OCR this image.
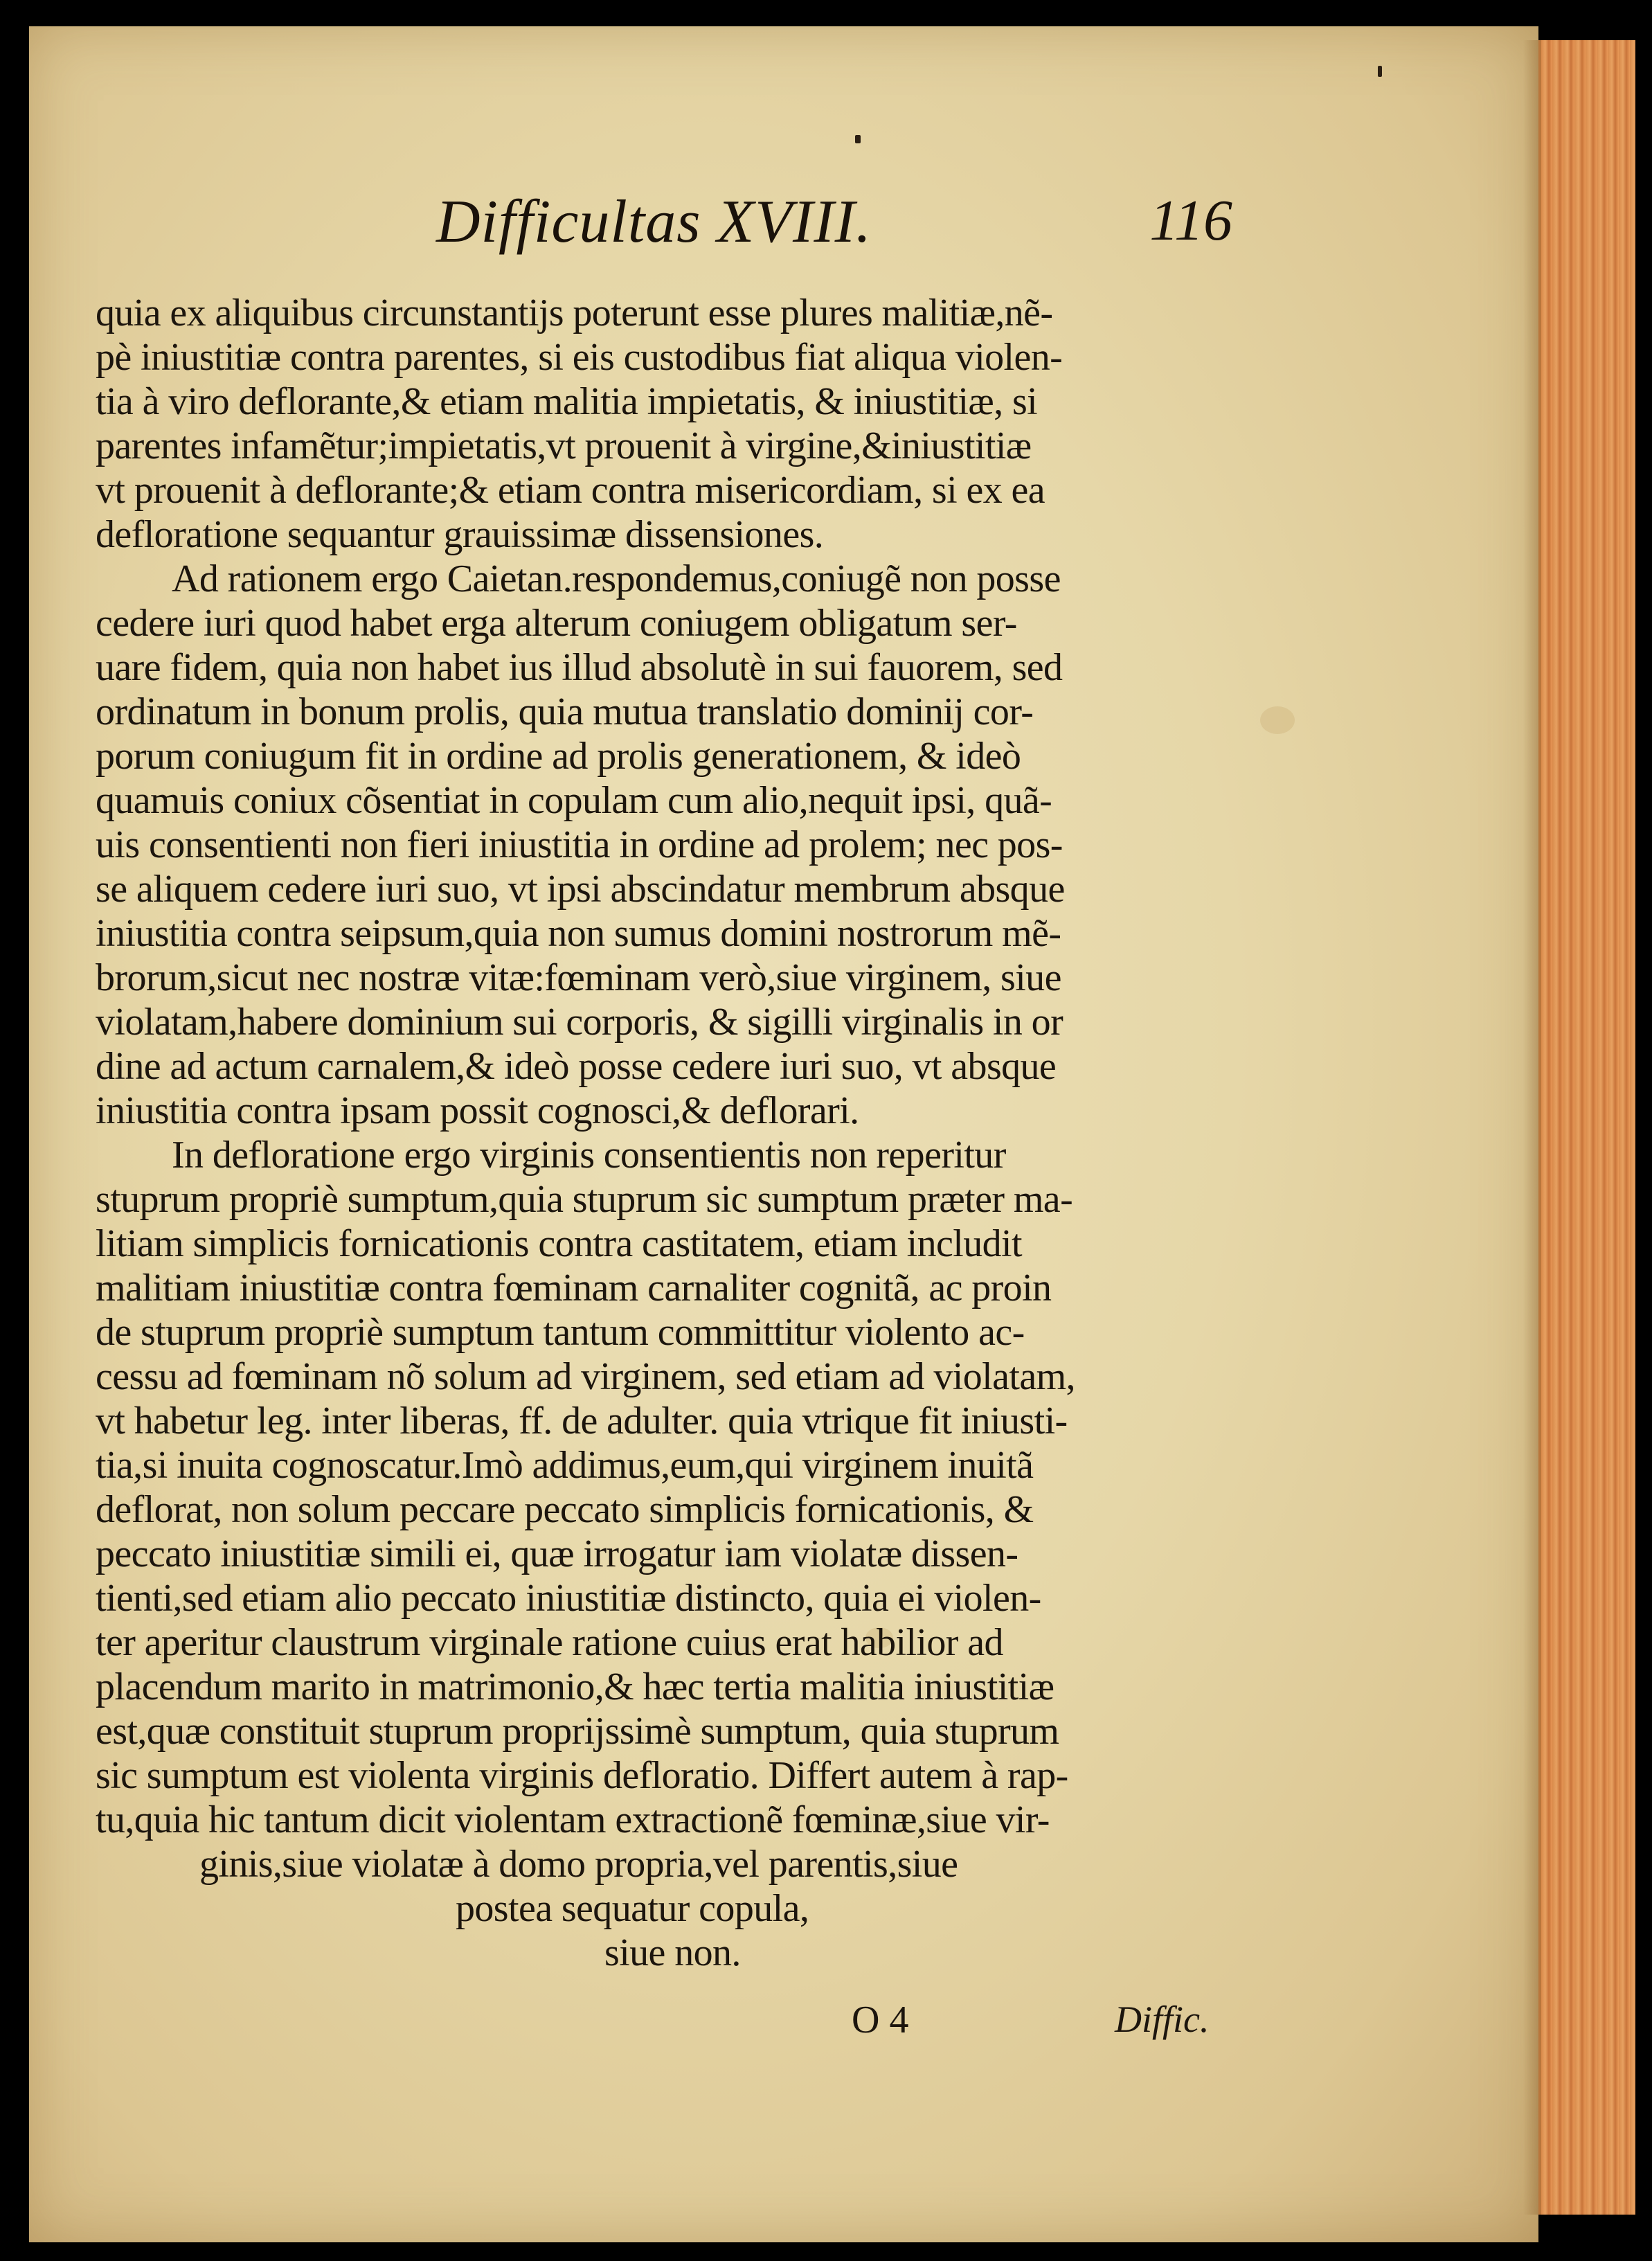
Difficultas XVIII.	116
quia ex aliquibus circunstantijs poterunt esse plures malitiæ,nẽ-
pè iniustitiæ contra parentes, si eis custodibus fiat aliqua violen-
tia à viro deflorante,& etiam malitia impietatis, & iniustitiæ, si
parentes infamẽtur;impietatis,vt prouenit à virgine,&iniustitiæ
vt prouenit à deflorante;& etiam contra misericordiam, si ex ea
defloratione sequantur grauissimæ dissensiones.
Ad rationem ergo Caietan.respondemus,coniugẽ non posse
cedere iuri quod habet erga alterum coniugem obligatum ser-
uare fidem, quia non habet ius illud absolutè in sui fauorem, sed
ordinatum in bonum prolis, quia mutua translatio dominij cor-
porum coniugum fit in ordine ad prolis generationem, & ideò
quamuis coniux cõsentiat in copulam cum alio,nequit ipsi, quã-
uis consentienti non fieri iniustitia in ordine ad prolem; nec pos-
se aliquem cedere iuri suo, vt ipsi abscindatur membrum absque
iniustitia contra seipsum,quia non sumus domini nostrorum mẽ-
brorum,sicut nec nostræ vitæ:fœminam verò,siue virginem, siue
violatam,habere dominium sui corporis, & sigilli virginalis in or
dine ad actum carnalem,& ideò posse cedere iuri suo, vt absque
iniustitia contra ipsam possit cognosci,& deflorari.
In defloratione ergo virginis consentientis non reperitur
stuprum propriè sumptum,quia stuprum sic sumptum præter ma-
litiam simplicis fornicationis contra castitatem, etiam includit
malitiam iniustitiæ contra fœminam carnaliter cognitã, ac proin
de stuprum propriè sumptum tantum committitur violento ac-
cessu ad fœminam nõ solum ad virginem, sed etiam ad violatam,
vt habetur leg. inter liberas, ff. de adulter. quia vtrique fit iniusti-
tia,si inuita cognoscatur.Imò addimus,eum,qui virginem inuitã
deflorat, non solum peccare peccato simplicis fornicationis, &
peccato iniustitiæ simili ei, quæ irrogatur iam violatæ dissen-
tienti,sed etiam alio peccato iniustitiæ distincto, quia ei violen-
ter aperitur claustrum virginale ratione cuius erat habilior ad
placendum marito in matrimonio,& hæc tertia malitia iniustitiæ
est,quæ constituit stuprum proprijssimè sumptum, quia stuprum
sic sumptum est violenta virginis defloratio. Differt autem à rap-
tu,quia hic tantum dicit violentam extractionẽ fœminæ,siue vir-
ginis,siue violatæ à domo propria,vel parentis,siue
postea sequatur copula,
siue non.
O 4	Diffic.
